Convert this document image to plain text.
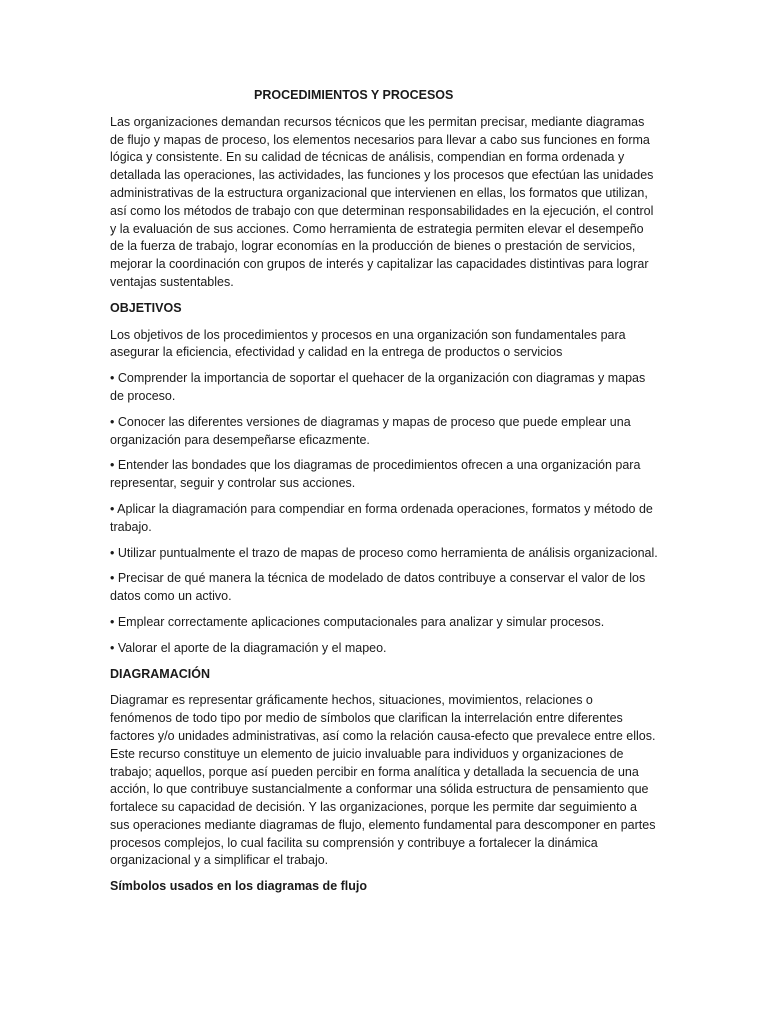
PROCEDIMIENTOS Y PROCESOS

Las organizaciones demandan recursos técnicos que les permitan precisar, mediante diagramas de flujo y mapas de proceso, los elementos necesarios para llevar a cabo sus funciones en forma lógica y consistente. En su calidad de técnicas de análisis, compendian en forma ordenada y detallada las operaciones, las actividades, las funciones y los procesos que efectúan las unidades administrativas de la estructura organizacional que intervienen en ellas, los formatos que utilizan, así como los métodos de trabajo con que determinan responsabilidades en la ejecución, el control y la evaluación de sus acciones. Como herramienta de estrategia permiten elevar el desempeño de la fuerza de trabajo, lograr economías en la producción de bienes o prestación de servicios, mejorar la coordinación con grupos de interés y capitalizar las capacidades distintivas para lograr ventajas sustentables.

OBJETIVOS

Los objetivos de los procedimientos y procesos en una organización son fundamentales para asegurar la eficiencia, efectividad y calidad en la entrega de productos o servicios

• Comprender la importancia de soportar el quehacer de la organización con diagramas y mapas de proceso.

• Conocer las diferentes versiones de diagramas y mapas de proceso que puede emplear una organización para desempeñarse eficazmente.

• Entender las bondades que los diagramas de procedimientos ofrecen a una organización para representar, seguir y controlar sus acciones.

• Aplicar la diagramación para compendiar en forma ordenada operaciones, formatos y método de trabajo.

• Utilizar puntualmente el trazo de mapas de proceso como herramienta de análisis organizacional.

• Precisar de qué manera la técnica de modelado de datos contribuye a conservar el valor de los datos como un activo.

• Emplear correctamente aplicaciones computacionales para analizar y simular procesos.

• Valorar el aporte de la diagramación y el mapeo.

DIAGRAMACIÓN

Diagramar es representar gráficamente hechos, situaciones, movimientos, relaciones o fenómenos de todo tipo por medio de símbolos que clarifican la interrelación entre diferentes factores y/o unidades administrativas, así como la relación causa-efecto que prevalece entre ellos. Este recurso constituye un elemento de juicio invaluable para individuos y organizaciones de trabajo; aquellos, porque así pueden percibir en forma analítica y detallada la secuencia de una acción, lo que contribuye sustancialmente a conformar una sólida estructura de pensamiento que fortalece su capacidad de decisión. Y las organizaciones, porque les permite dar seguimiento a sus operaciones mediante diagramas de flujo, elemento fundamental para descomponer en partes procesos complejos, lo cual facilita su comprensión y contribuye a fortalecer la dinámica organizacional y a simplificar el trabajo.

Símbolos usados en los diagramas de flujo
